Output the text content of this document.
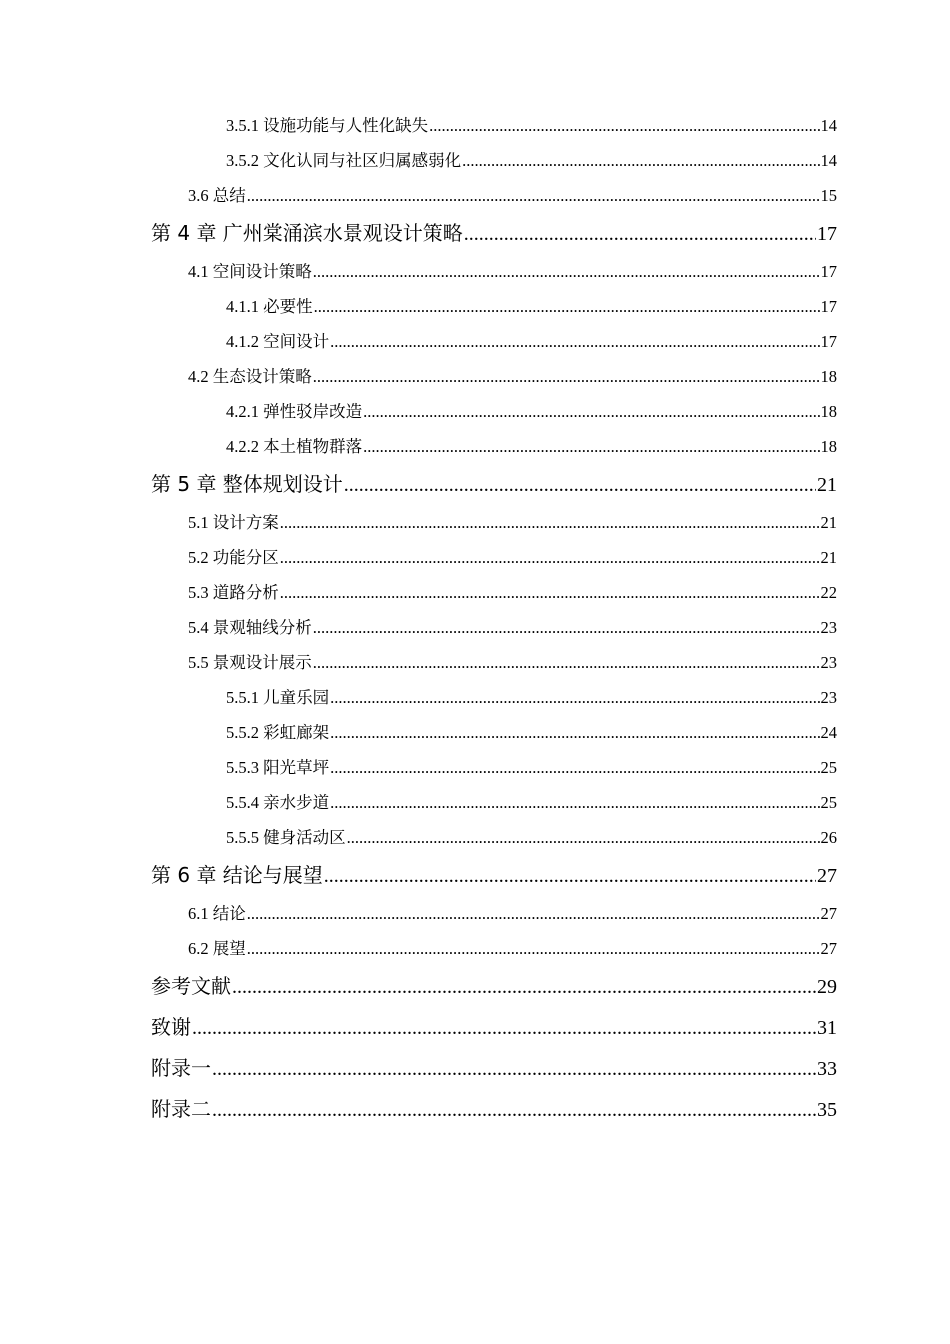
3.5.1 设施功能与人性化缺失 .....	14
3.5.2 文化认同与社区归属感弱化 .....	14
3.6 总结 .....	15
第 4 章 广州棠涌滨水景观设计策略 .....	17
4.1 空间设计策略 .....	17
4.1.1 必要性 .....	17
4.1.2 空间设计 .....	17
4.2 生态设计策略 .....	18
4.2.1 弹性驳岸改造 .....	18
4.2.2 本土植物群落 .....	18
第 5 章 整体规划设计 .....	21
5.1 设计方案 .....	21
5.2 功能分区 .....	21
5.3 道路分析 .....	22
5.4 景观轴线分析 .....	23
5.5 景观设计展示 .....	23
5.5.1 儿童乐园 .....	23
5.5.2 彩虹廊架 .....	24
5.5.3 阳光草坪 .....	25
5.5.4 亲水步道 .....	25
5.5.5 健身活动区 .....	26
第 6 章 结论与展望 .....	27
6.1 结论 .....	27
6.2 展望 .....	27
参考文献 .....	29
致谢 .....	31
附录一 .....	33
附录二 .....	35
